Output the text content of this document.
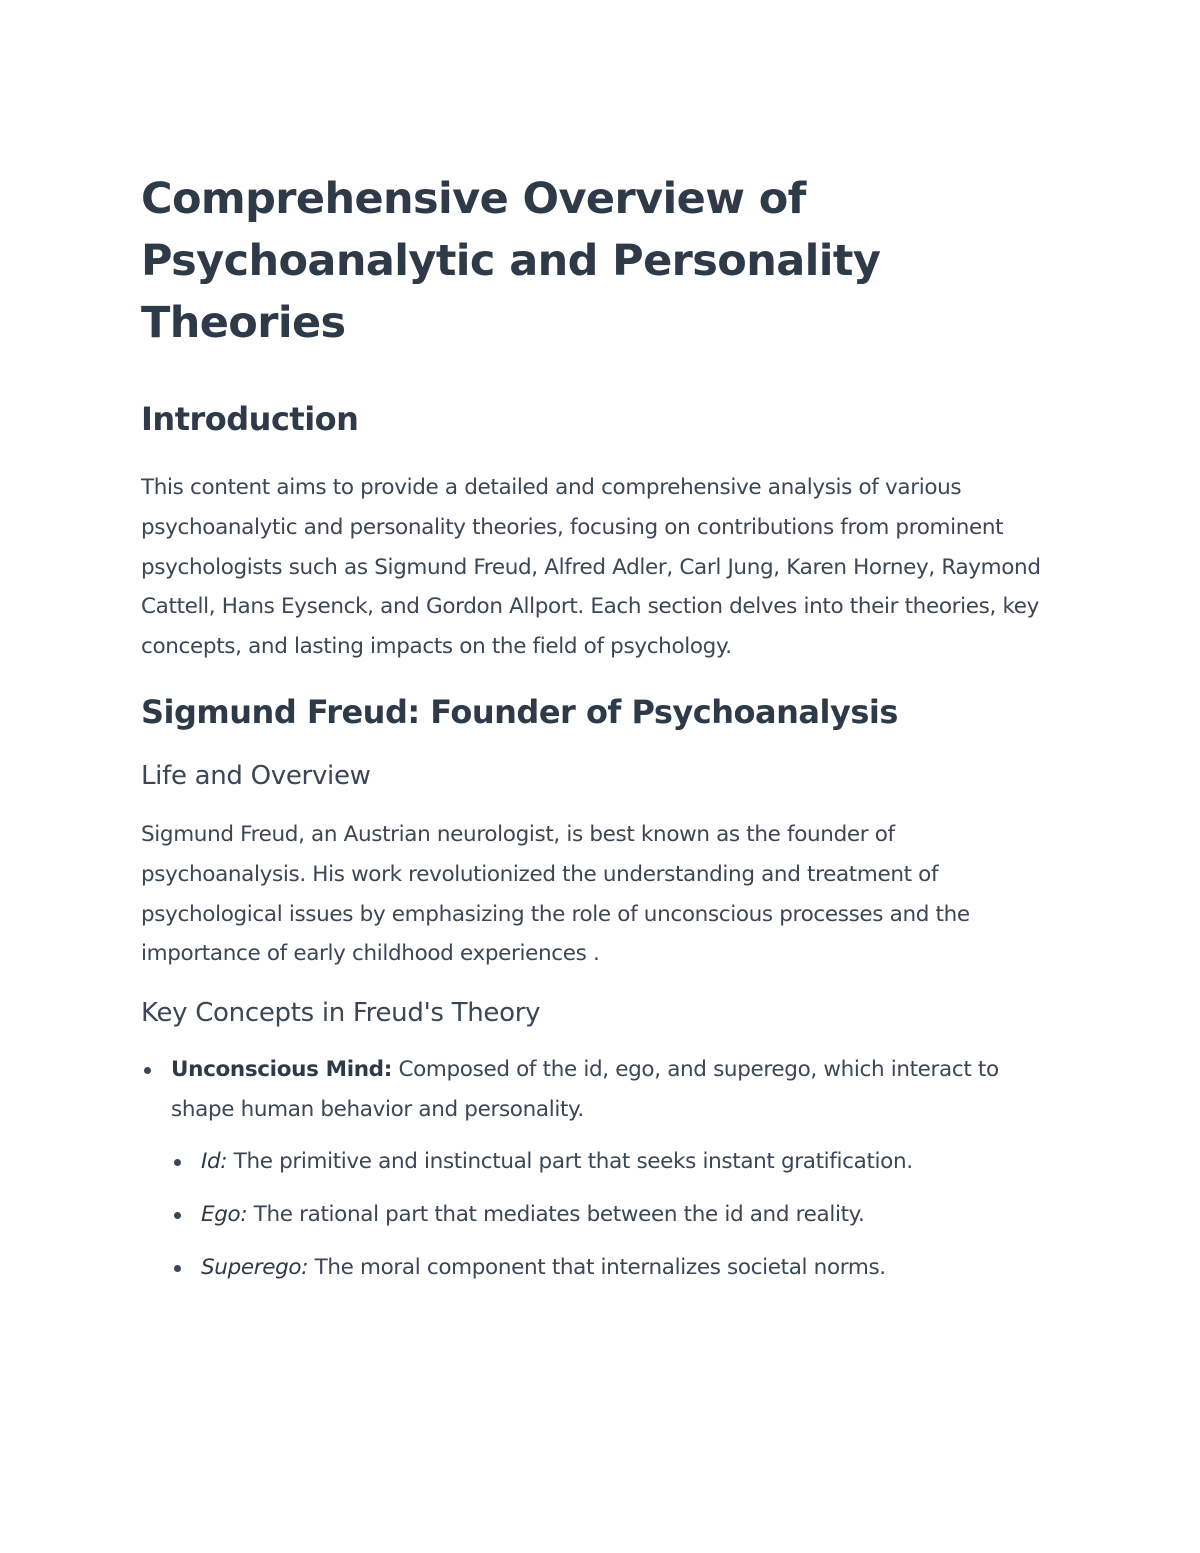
Comprehensive Overview of Psychoanalytic and Personality Theories
Introduction

This content aims to provide a detailed and comprehensive analysis of various psychoanalytic and personality theories, focusing on contributions from prominent psychologists such as Sigmund Freud, Alfred Adler, Carl Jung, Karen Horney, Raymond Cattell, Hans Eysenck, and Gordon Allport. Each section delves into their theories, key concepts, and lasting impacts on the field of psychology.

Sigmund Freud: Founder of Psychoanalysis
Life and Overview

Sigmund Freud, an Austrian neurologist, is best known as the founder of psychoanalysis. His work revolutionized the understanding and treatment of psychological issues by emphasizing the role of unconscious processes and the importance of early childhood experiences .

Key Concepts in Freud's Theory
Unconscious Mind: Composed of the id, ego, and superego, which interact to shape human behavior and personality.
Id: The primitive and instinctual part that seeks instant gratification.
Ego: The rational part that mediates between the id and reality.
Superego: The moral component that internalizes societal norms.
